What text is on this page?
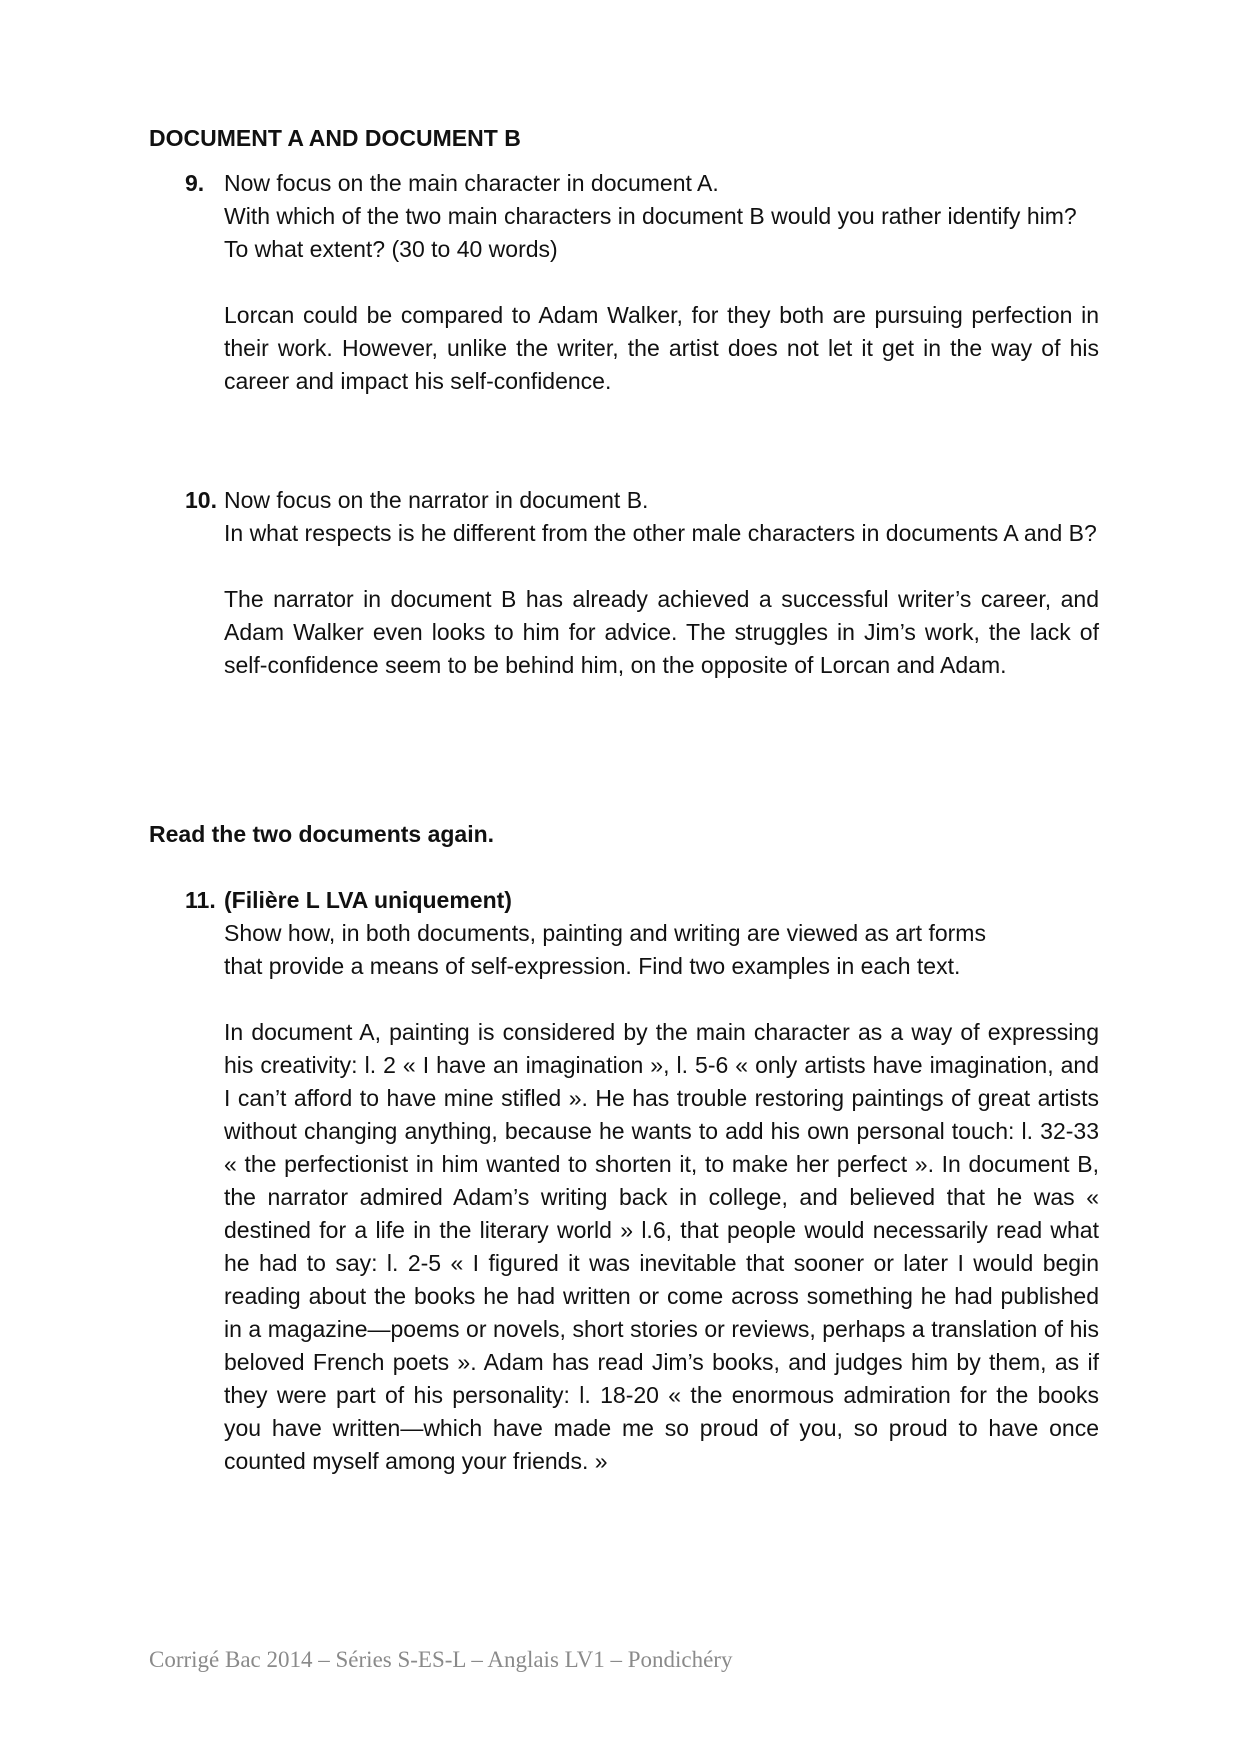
DOCUMENT A AND DOCUMENT B
9. Now focus on the main character in document A.

With which of the two main characters in document B would you rather identify him? To what extent? (30 to 40 words)

Lorcan could be compared to Adam Walker, for they both are pursuing perfection in their work. However, unlike the writer, the artist does not let it get in the way of his career and impact his self-confidence.

10. Now focus on the narrator in document B.

In what respects is he different from the other male characters in documents A and B?

The narrator in document B has already achieved a successful writer’s career, and Adam Walker even looks to him for advice. The struggles in Jim’s work, the lack of self-confidence seem to be behind him, on the opposite of Lorcan and Adam.

Read the two documents again.
11. (Filière L LVA uniquement)

Show how, in both documents, painting and writing are viewed as art forms

that provide a means of self-expression. Find two examples in each text.

In document A, painting is considered by the main character as a way of expressing his creativity: l. 2 « I have an imagination », l. 5-6 « only artists have imagination, and I can’t afford to have mine stifled ». He has trouble restoring paintings of great artists without changing anything, because he wants to add his own personal touch: l. 32-33 « the perfectionist in him wanted to shorten it, to make her perfect ». In document B, the narrator admired Adam’s writing back in college, and believed that he was « destined for a life in the literary world » l.6, that people would necessarily read what he had to say: l. 2-5 « I figured it was inevitable that sooner or later I would begin reading about the books he had written or come across something he had published in a magazine—poems or novels, short stories or reviews, perhaps a translation of his beloved French poets ». Adam has read Jim’s books, and judges him by them, as if they were part of his personality: l. 18-20 « the enormous admiration for the books you have written—which have made me so proud of you, so proud to have once counted myself among your friends. »

Corrigé Bac 2014 – Séries S-ES-L – Anglais LV1 – Pondichéry
